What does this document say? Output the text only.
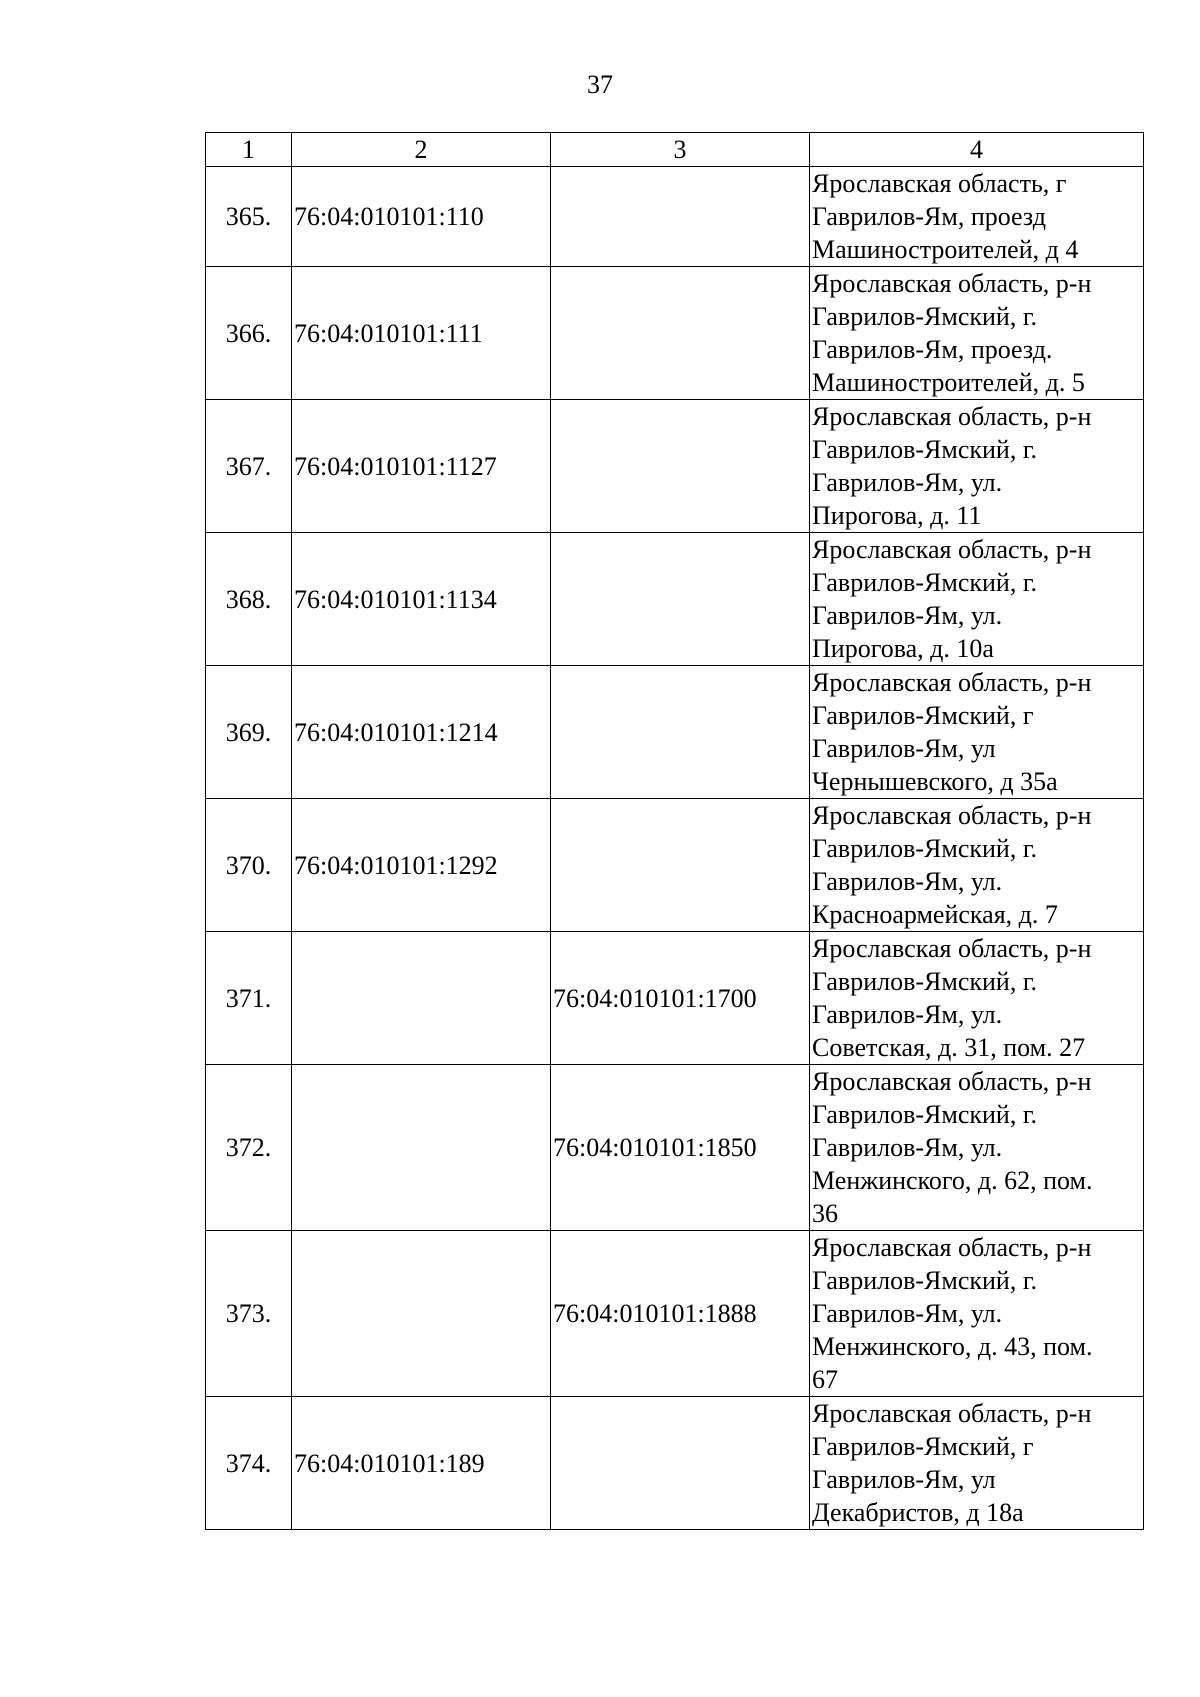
37
1	2	3	4
365.	76:04:010101:110		Ярославская область, г
Гаврилов-Ям, проезд
Машиностроителей, д 4

366.	76:04:010101:111		Ярославская область, р-н
Гаврилов-Ямский, г.
Гаврилов-Ям, проезд.
Машиностроителей, д. 5

367.	76:04:010101:1127		Ярославская область, р-н
Гаврилов-Ямский, г.
Гаврилов-Ям, ул.
Пирогова, д. 11

368.	76:04:010101:1134		Ярославская область, р-н
Гаврилов-Ямский, г.
Гаврилов-Ям, ул.
Пирогова, д. 10а

369.	76:04:010101:1214		Ярославская область, р-н
Гаврилов-Ямский, г
Гаврилов-Ям, ул
Чернышевского, д 35а

370.	76:04:010101:1292		Ярославская область, р-н
Гаврилов-Ямский, г.
Гаврилов-Ям, ул.
Красноармейская, д. 7

371.		76:04:010101:1700	Ярославская область, р-н
Гаврилов-Ямский, г.
Гаврилов-Ям, ул.
Советская, д. 31, пом. 27

372.		76:04:010101:1850	Ярославская область, р-н
Гаврилов-Ямский, г.
Гаврилов-Ям, ул.
Менжинского, д. 62, пом.
36

373.		76:04:010101:1888	Ярославская область, р-н
Гаврилов-Ямский, г.
Гаврилов-Ям, ул.
Менжинского, д. 43, пом.
67

374.	76:04:010101:189		Ярославская область, р-н
Гаврилов-Ямский, г
Гаврилов-Ям, ул
Декабристов, д 18а
